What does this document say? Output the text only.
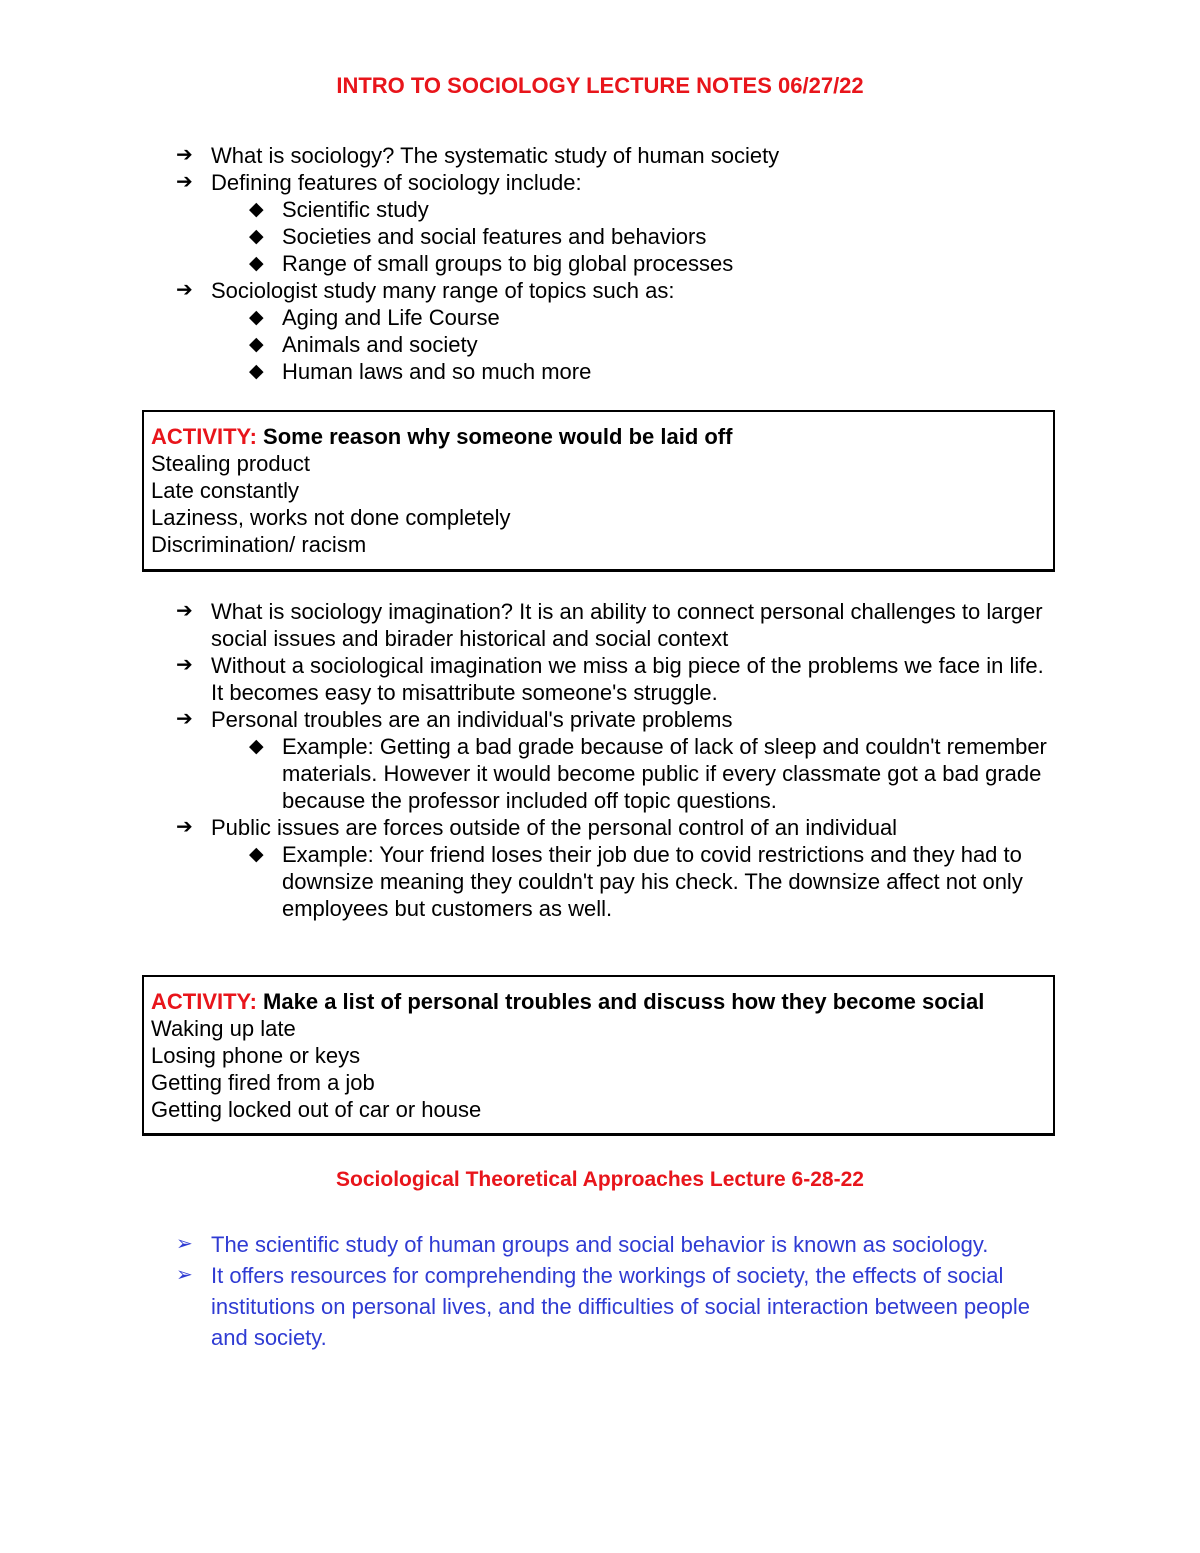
INTRO TO SOCIOLOGY LECTURE NOTES 06/27/22
➔ What is sociology? The systematic study of human society
➔ Defining features of sociology include:
◆ Scientific study
◆ Societies and social features and behaviors
◆ Range of small groups to big global processes
➔ Sociologist study many range of topics such as:
◆ Aging and Life Course
◆ Animals and society
◆ Human laws and so much more
ACTIVITY: Some reason why someone would be laid off
Stealing product
Late constantly
Laziness, works not done completely
Discrimination/ racism
➔ What is sociology imagination? It is an ability to connect personal challenges to larger social issues and birader historical and social context
➔ Without a sociological imagination we miss a big piece of the problems we face in life. It becomes easy to misattribute someone's struggle.
➔ Personal troubles are an individual's private problems
◆ Example: Getting a bad grade because of lack of sleep and couldn't remember materials. However it would become public if every classmate got a bad grade because the professor included off topic questions.
➔ Public issues are forces outside of the personal control of an individual
◆ Example: Your friend loses their job due to covid restrictions and they had to downsize meaning they couldn't pay his check. The downsize affect not only employees but customers as well.
ACTIVITY: Make a list of personal troubles and discuss how they become social
Waking up late
Losing phone or keys
Getting fired from a job
Getting locked out of car or house
Sociological Theoretical Approaches Lecture 6-28-22
➢ The scientific study of human groups and social behavior is known as sociology.
➢ It offers resources for comprehending the workings of society, the effects of social institutions on personal lives, and the difficulties of social interaction between people and society.
